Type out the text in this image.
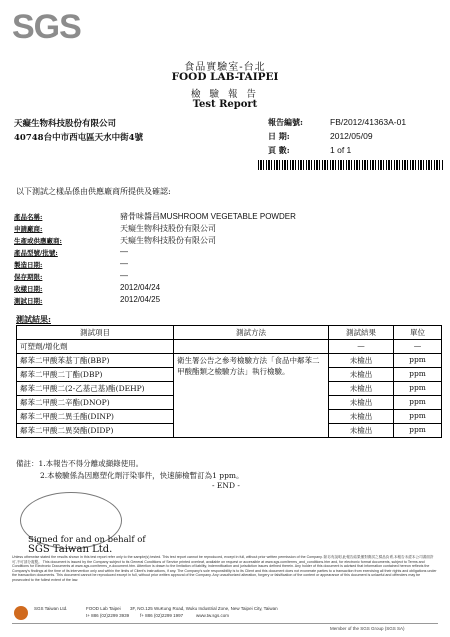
SGS
食品實驗室-台北
FOOD LAB-TAIPEI
檢 驗 報 告
Test Report
天癡生物科技股份有限公司
40748台中市西屯區天水中街4號
報告編號:	FB/2012/41363A-01
日 期:	2012/05/09
頁 數:	1 of 1
以下測試之樣品係由供應廠商所提供及確認:
產品名稱:	豬骨味醬昌MUSHROOM VEGETABLE POWDER
申請廠商:	天癡生物科技股份有限公司
生產或供應廠商:	天癡生物科技股份有限公司
產品型號/批號:	—
製造日期:	—
保存期限:	—
收樣日期:	2012/04/24
測試日期:	2012/04/25
測試結果:
測試項目	測試方法	測試結果	單位
可塑劑/增化劑		—	—
鄰苯二甲酸苯基丁酯(BBP)	衛生署公告之參考檢驗方法「食品中鄰苯二甲酸酯類之檢驗方法」執行檢驗。	未檢出	ppm
鄰苯二甲酸二丁酯(DBP)		未檢出	ppm
鄰苯二甲酸二(2-乙基己基)酯(DEHP)		未檢出	ppm
鄰苯二甲酸二辛酯(DNOP)		未檢出	ppm
鄰苯二甲酸二異壬酯(DINP)		未檢出	ppm
鄰苯二甲酸二異癸酯(DIDP)		未檢出	ppm
備註：1.本報告不得分離或擷錄使用。
2.本檢驗係為因應塑化劑汙染事件，快速篩檢暫訂為1 ppm。
- END -
Signed for and on behalf of
SGS Taiwan Ltd.
Unless otherwise stated the results shown in this test report refer only to the sample(s) tested. This test report cannot be reproduced, except in full, without prior written permission of the Company. 除另有說明,此報告結果僅對測試之樣品負責,本報告未經本公司書面許可,不可部分複製。 This document is issued by the Company subject to its General Conditions of Service printed overleaf, available on request or accessible at www.sgs.com/terms_and_conditions.htm and, for electronic format documents, subject to Terms and Conditions for Electronic Documents at www.sgs.com/terms_e-document.htm. Attention is drawn to the limitation of liability, indemnification and jurisdiction issues defined therein. Any holder of this document is advised that information contained hereon reflects the Company's findings at the time of its intervention only and within the limits of Client's instructions, if any. The Company's sole responsibility is to its Client and this document does not exonerate parties to a transaction from exercising all their rights and obligations under the transaction documents. This document cannot be reproduced except in full, without prior written approval of the Company. Any unauthorized alteration, forgery or falsification of the content or appearance of this document is unlawful and offenders may be prosecuted to the fullest extent of the law.
SGS Taiwan Ltd.	FOOD Lab Taipei	3F, NO.125 WuKung Road, Wuku Industrial Zone, New Taipei City, Taiwan
t+ 886 (02)2299 3939	f+ 886 (02)2299 1997	www.tw.sgs.com
Member of the SGS Group (SGS SA)
